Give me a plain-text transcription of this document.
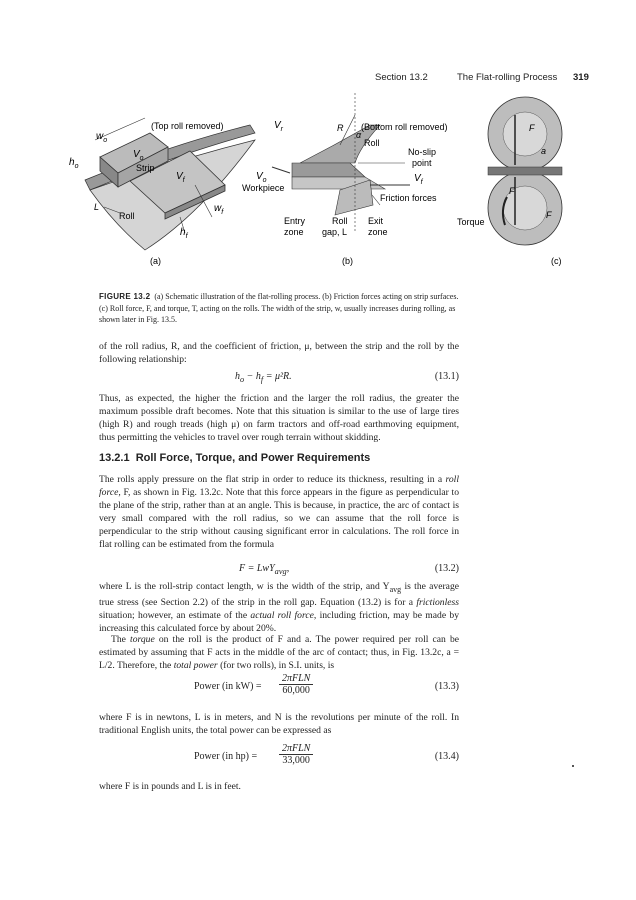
Section 13.2	The Flat-rolling Process 319
(Top roll removed)
$w_o$
$V_o$
$h_o$	Strip
$V_f$
L	$w_f$
Roll
$h_f$
(a)
$V_r$	R
α
(Bottom roll removed)
Roll
No-slip
point
$V_o$	$V_f$
Workpiece
Friction forces
Entry
zone
Roll
gap, L
Exit
zone
(b)
F
a
F
F
Torque
(c)
FIGURE 13.2 (a) Schematic illustration of the flat-rolling process. (b) Friction forces acting on strip surfaces. (c) Roll force, F, and torque, T, acting on the rolls. The width of the strip, w, usually increases during rolling, as shown later in Fig. 13.5.

of the roll radius, R, and the coefficient of friction, μ, between the strip and the roll by the following relationship:

$h_o - h_f = \mu^2R$.	(13.1)

Thus, as expected, the higher the friction and the larger the roll radius, the greater the maximum possible draft becomes. Note that this situation is similar to the use of large tires (high R) and rough treads (high μ) on farm tractors and off-road earthmoving equipment, thus permitting the vehicles to travel over rough terrain without skidding.

13.2.1 Roll Force, Torque, and Power Requirements

The rolls apply pressure on the flat strip in order to reduce its thickness, resulting in a roll force, F, as shown in Fig. 13.2c. Note that this force appears in the figure as perpendicular to the plane of the strip, rather than at an angle. This is because, in practice, the arc of contact is very small compared with the roll radius, so we can assume that the roll force is perpendicular to the strip without causing significant error in calculations. The roll force in flat rolling can be estimated from the formula

F = LwY$_{avg}$,	(13.2)

where L is the roll-strip contact length, w is the width of the strip, and $Y_{avg}$ is the average true stress (see Section 2.2) of the strip in the roll gap. Equation (13.2) is for a frictionless situation; however, an estimate of the actual roll force, including friction, may be made by increasing this calculated force by about 20%.

The torque on the roll is the product of F and a. The power required per roll can be estimated by assuming that F acts in the middle of the arc of contact; thus, in Fig. 13.2c, a = L/2. Therefore, the total power (for two rolls), in S.I. units, is

Power (in kW) =
2πFLN
60,000	(13.3)

where F is in newtons, L is in meters, and N is the revolutions per minute of the roll. In traditional English units, the total power can be expressed as

Power (in hp) =
2πFLN
33,000	(13.4)

where F is in pounds and L is in feet.
